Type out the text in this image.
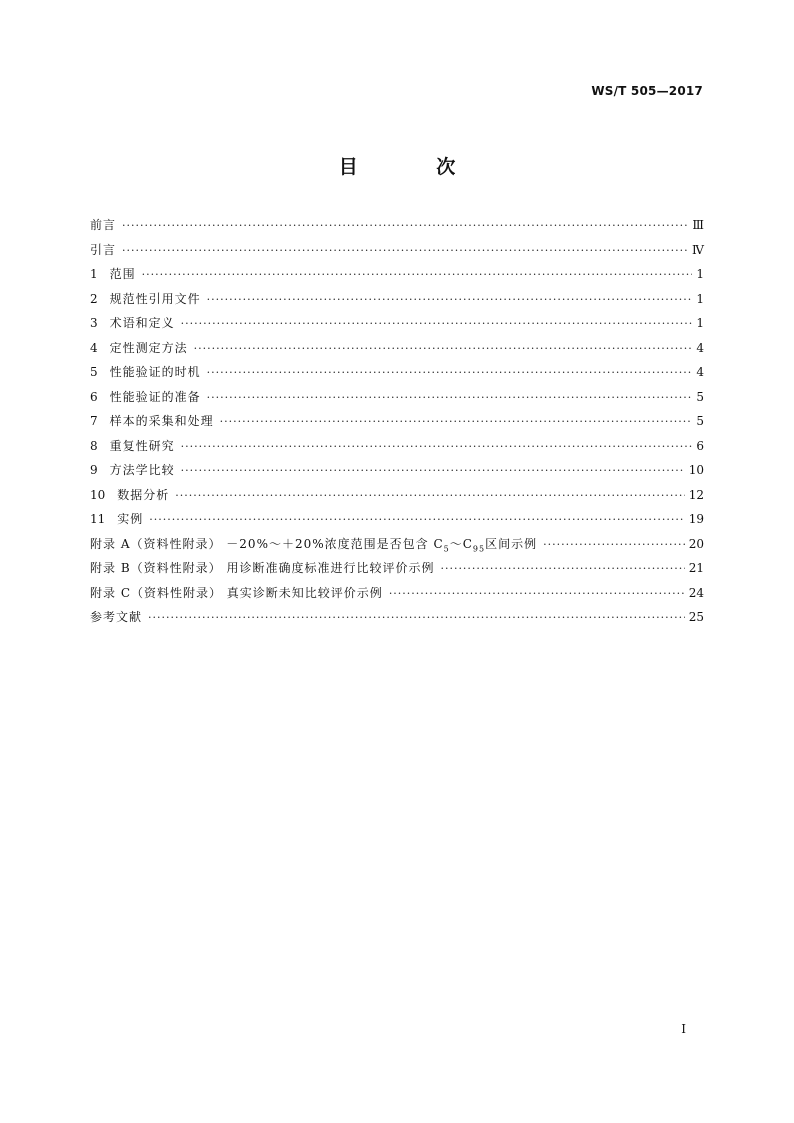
WS/T 505—2017
目 次
前言 ·····	Ⅲ
引言 ·····	Ⅳ
1 范围 ·····	1
2 规范性引用文件 ·····	1
3 术语和定义 ·····	1
4 定性测定方法 ·····	4
5 性能验证的时机 ·····	4
6 性能验证的准备 ·····	5
7 样本的采集和处理 ·····	5
8 重复性研究 ·····	6
9 方法学比较 ·····	10
10 数据分析 ·····	12
11 实例 ·····	19
附录 A（资料性附录） －20%～＋20%浓度范围是否包含 $C_5\sim C_{95}$区间示例 ·····	20
附录 B（资料性附录） 用诊断准确度标准进行比较评价示例 ·····	21
附录 C（资料性附录） 真实诊断未知比较评价示例 ·····	24
参考文献 ·····	25
I
